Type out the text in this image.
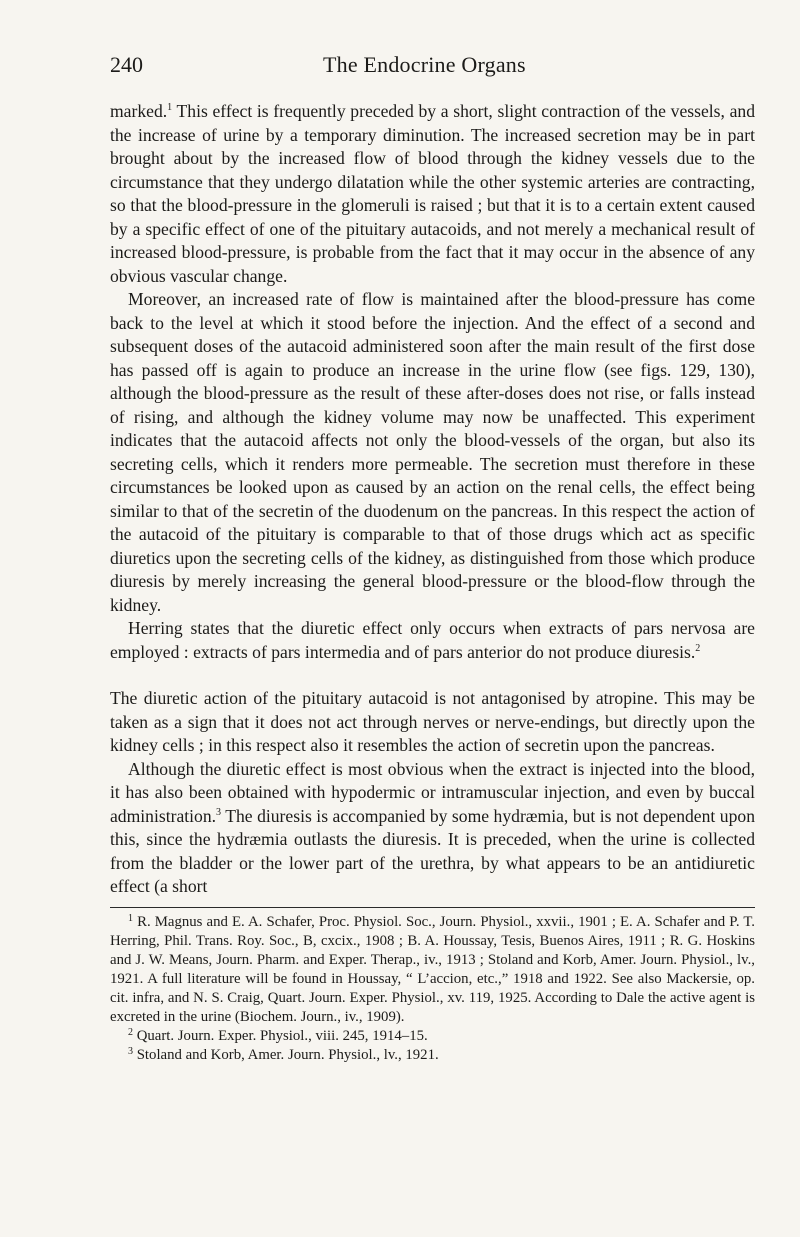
240	The Endocrine Organs

marked.$^1$ This effect is frequently preceded by a short, slight contraction of the vessels, and the increase of urine by a temporary diminution. The increased secretion may be in part brought about by the increased flow of blood through the kidney vessels due to the circumstance that they undergo dilatation while the other systemic arteries are contracting, so that the blood-pressure in the glomeruli is raised ; but that it is to a certain extent caused by a specific effect of one of the pituitary autacoids, and not merely a mechanical result of increased blood-pressure, is probable from the fact that it may occur in the absence of any obvious vascular change.

Moreover, an increased rate of flow is maintained after the blood-pressure has come back to the level at which it stood before the injection. And the effect of a second and subsequent doses of the autacoid administered soon after the main result of the first dose has passed off is again to produce an increase in the urine flow (see figs. 129, 130), although the blood-pressure as the result of these after-doses does not rise, or falls instead of rising, and although the kidney volume may now be unaffected. This experiment indicates that the autacoid affects not only the blood-vessels of the organ, but also its secreting cells, which it renders more permeable. The secretion must therefore in these circumstances be looked upon as caused by an action on the renal cells, the effect being similar to that of the secretin of the duodenum on the pancreas. In this respect the action of the autacoid of the pituitary is comparable to that of those drugs which act as specific diuretics upon the secreting cells of the kidney, as distinguished from those which produce diuresis by merely increasing the general blood-pressure or the blood-flow through the kidney.

Herring states that the diuretic effect only occurs when extracts of pars nervosa are employed : extracts of pars intermedia and of pars anterior do not produce diuresis.$^2$

The diuretic action of the pituitary autacoid is not antagonised by atropine. This may be taken as a sign that it does not act through nerves or nerve-endings, but directly upon the kidney cells ; in this respect also it resembles the action of secretin upon the pancreas.

Although the diuretic effect is most obvious when the extract is injected into the blood, it has also been obtained with hypodermic or intramuscular injection, and even by buccal administration.$^3$ The diuresis is accompanied by some hydræmia, but is not dependent upon this, since the hydræmia outlasts the diuresis. It is preceded, when the urine is collected from the bladder or the lower part of the urethra, by what appears to be an antidiuretic effect (a short

$^1$ R. Magnus and E. A. Schafer, Proc. Physiol. Soc., Journ. Physiol., xxvii., 1901 ; E. A. Schafer and P. T. Herring, Phil. Trans. Roy. Soc., B, cxcix., 1908 ; B. A. Houssay, Tesis, Buenos Aires, 1911 ; R. G. Hoskins and J. W. Means, Journ. Pharm. and Exper. Therap., iv., 1913 ; Stoland and Korb, Amer. Journ. Physiol., lv., 1921. A full literature will be found in Houssay, “ L’accion, etc.,” 1918 and 1922. See also Mackersie, op. cit. infra, and N. S. Craig, Quart. Journ. Exper. Physiol., xv. 119, 1925. According to Dale the active agent is excreted in the urine (Biochem. Journ., iv., 1909).

$^2$ Quart. Journ. Exper. Physiol., viii. 245, 1914–15.

$^3$ Stoland and Korb, Amer. Journ. Physiol., lv., 1921.
